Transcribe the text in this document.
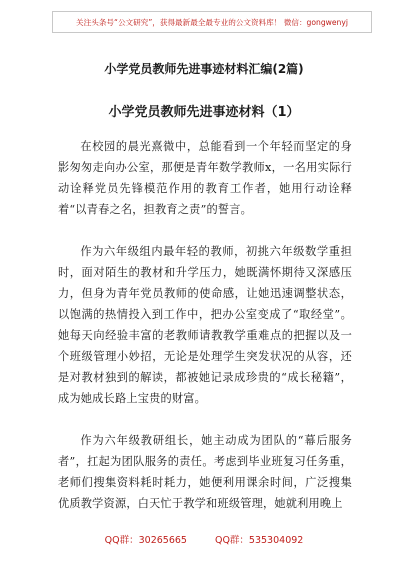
关注头条号“公文研究”，获得最新最全最专业的公文资料库！ 微信：gongwenyj
小学党员教师先进事迹材料汇编(2篇)
小学党员教师先进事迹材料（1）

在校园的晨光熹微中，总能看到一个年轻而坚定的身影匆匆走向办公室，那便是青年数学教师x，一名用实际行动诠释党员先锋模范作用的教育工作者，她用行动诠释着“以青春之名，担教育之责”的誓言。

作为六年级组内最年轻的教师，初挑六年级数学重担时，面对陌生的教材和升学压力，她既满怀期待又深感压力，但身为青年党员教师的使命感，让她迅速调整状态，以饱满的热情投入到工作中，把办公室变成了“取经堂”。她每天向经验丰富的老教师请教教学重难点的把握以及一个班级管理小妙招，无论是处理学生突发状况的从容，还是对教材独到的解读，都被她记录成珍贵的“成长秘籍”，成为她成长路上宝贵的财富。

作为六年级教研组长，她主动成为团队的“幕后服务者”，扛起为团队服务的责任。考虑到毕业班复习任务重，老师们搜集资料耗时耗力，她便利用课余时间，广泛搜集优质教学资源，白天忙于教学和班级管理，她就利用晚上

QQ群：30265665	QQ群：535304092
